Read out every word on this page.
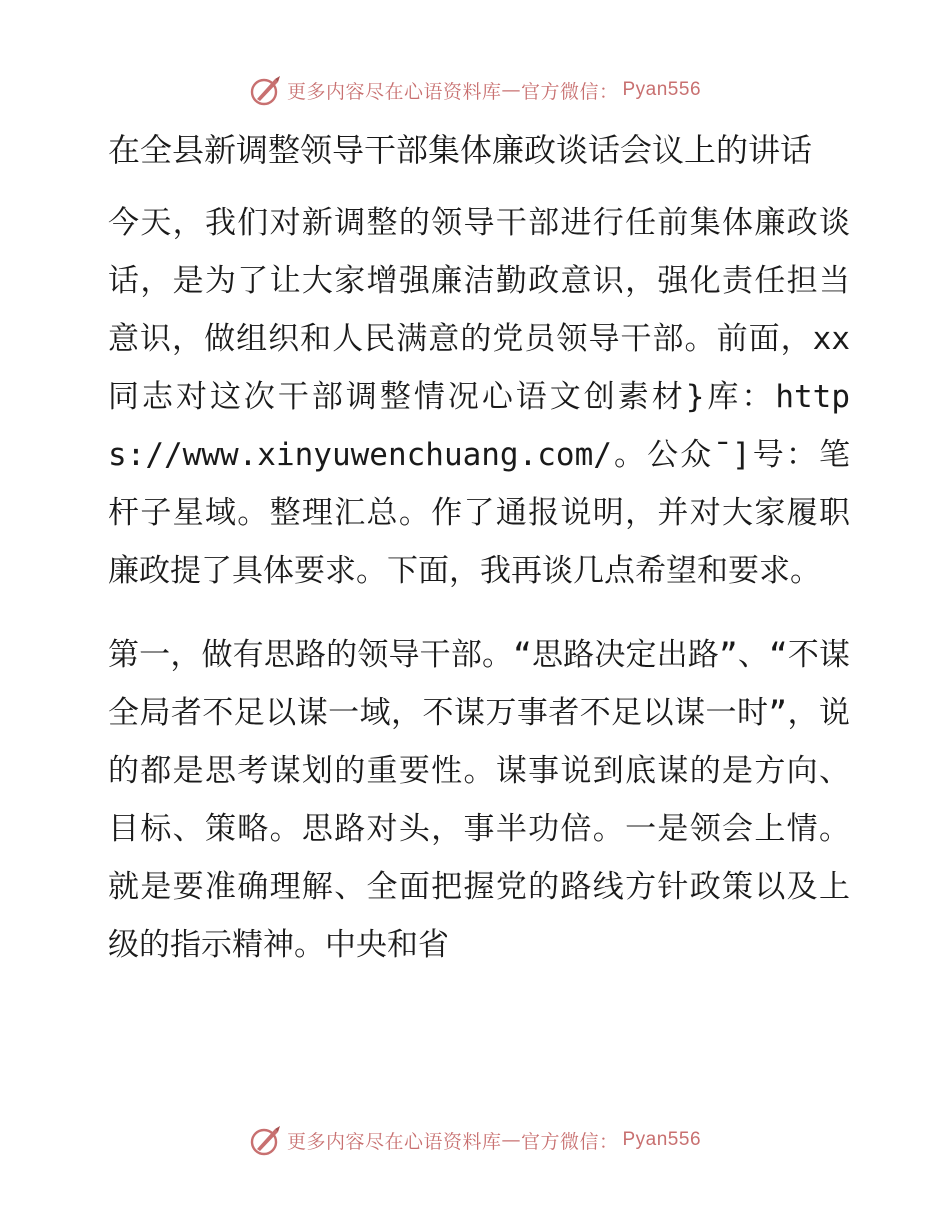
更多内容尽在心语资料库 — 官方微信： Pyan556

在全县新调整领导干部集体廉政谈话会议上的讲话

今天，我们对新调整的领导干部进行任前集体廉政谈话，是为了让大家增强廉洁勤政意识，强化责任担当意识，做组织和人民满意的党员领导干部。前面，xx同志对这次干部调整情况心语文创素材}库：https://www.xinyuwenchuang.com/。公众¯]号：笔杆子星域。整理汇总。作了通报说明，并对大家履职廉政提了具体要求。下面，我再谈几点希望和要求。

第一，做有思路的领导干部。“思路决定出路”、“不谋全局者不足以谋一域，不谋万事者不足以谋一时”，说的都是思考谋划的重要性。谋事说到底谋的是方向、目标、策略。思路对头，事半功倍。一是领会上情。就是要准确理解、全面把握党的路线方针政策以及上级的指示精神。中央和省

更多内容尽在心语资料库 — 官方微信： Pyan556
